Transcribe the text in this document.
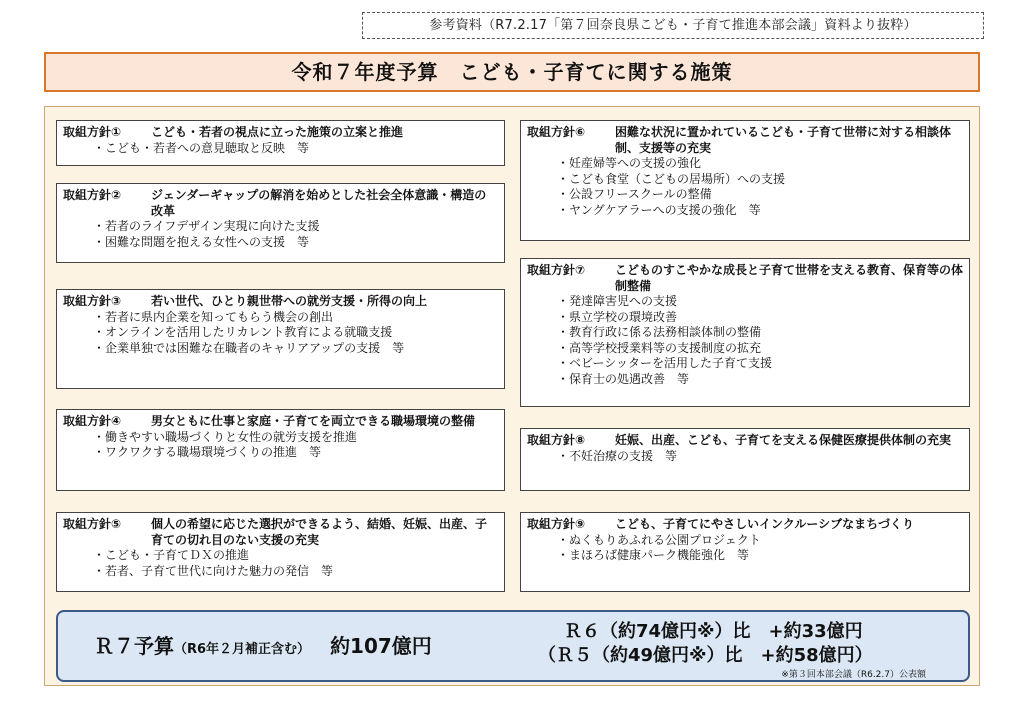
参考資料（R7.2.17「第７回奈良県こども・子育て推進本部会議」資料より抜粋）
令和７年度予算　こども・子育てに関する施策
取組方針①	こども・若者の視点に立った施策の立案と推進
・こども・若者への意見聴取と反映　等
取組方針②	ジェンダーギャップの解消を始めとした社会全体意識・構造の改革
・若者のライフデザイン実現に向けた支援
・困難な問題を抱える女性への支援　等
取組方針③	若い世代、ひとり親世帯への就労支援・所得の向上
・若者に県内企業を知ってもらう機会の創出
・オンラインを活用したリカレント教育による就職支援
・企業単独では困難な在職者のキャリアアップの支援　等
取組方針④	男女ともに仕事と家庭・子育てを両立できる職場環境の整備
・働きやすい職場づくりと女性の就労支援を推進
・ワクワクする職場環境づくりの推進　等
取組方針⑤	個人の希望に応じた選択ができるよう、結婚、妊娠、出産、子育ての切れ目のない支援の充実
・こども・子育てＤＸの推進
・若者、子育て世代に向けた魅力の発信　等
取組方針⑥	困難な状況に置かれているこども・子育て世帯に対する相談体制、支援等の充実
・妊産婦等への支援の強化
・こども食堂（こどもの居場所）への支援
・公設フリースクールの整備
・ヤングケアラーへの支援の強化　等
取組方針⑦	こどものすこやかな成長と子育て世帯を支える教育、保育等の体制整備
・発達障害児への支援
・県立学校の環境改善
・教育行政に係る法務相談体制の整備
・高等学校授業料等の支援制度の拡充
・ベビーシッターを活用した子育て支援
・保育士の処遇改善　等
取組方針⑧	妊娠、出産、こども、子育てを支える保健医療提供体制の充実
・不妊治療の支援　等
取組方針⑨	こども、子育てにやさしいインクルーシブなまちづくり
・ぬくもりあふれる公園プロジェクト
・まほろば健康パーク機能強化　等
Ｒ７予算（R6年２月補正含む） 約107億円
Ｒ６（約74億円※）比　+約33億円
（Ｒ５（約49億円※）比　+約58億円）
※第３回本部会議（R6.2.7）公表額
